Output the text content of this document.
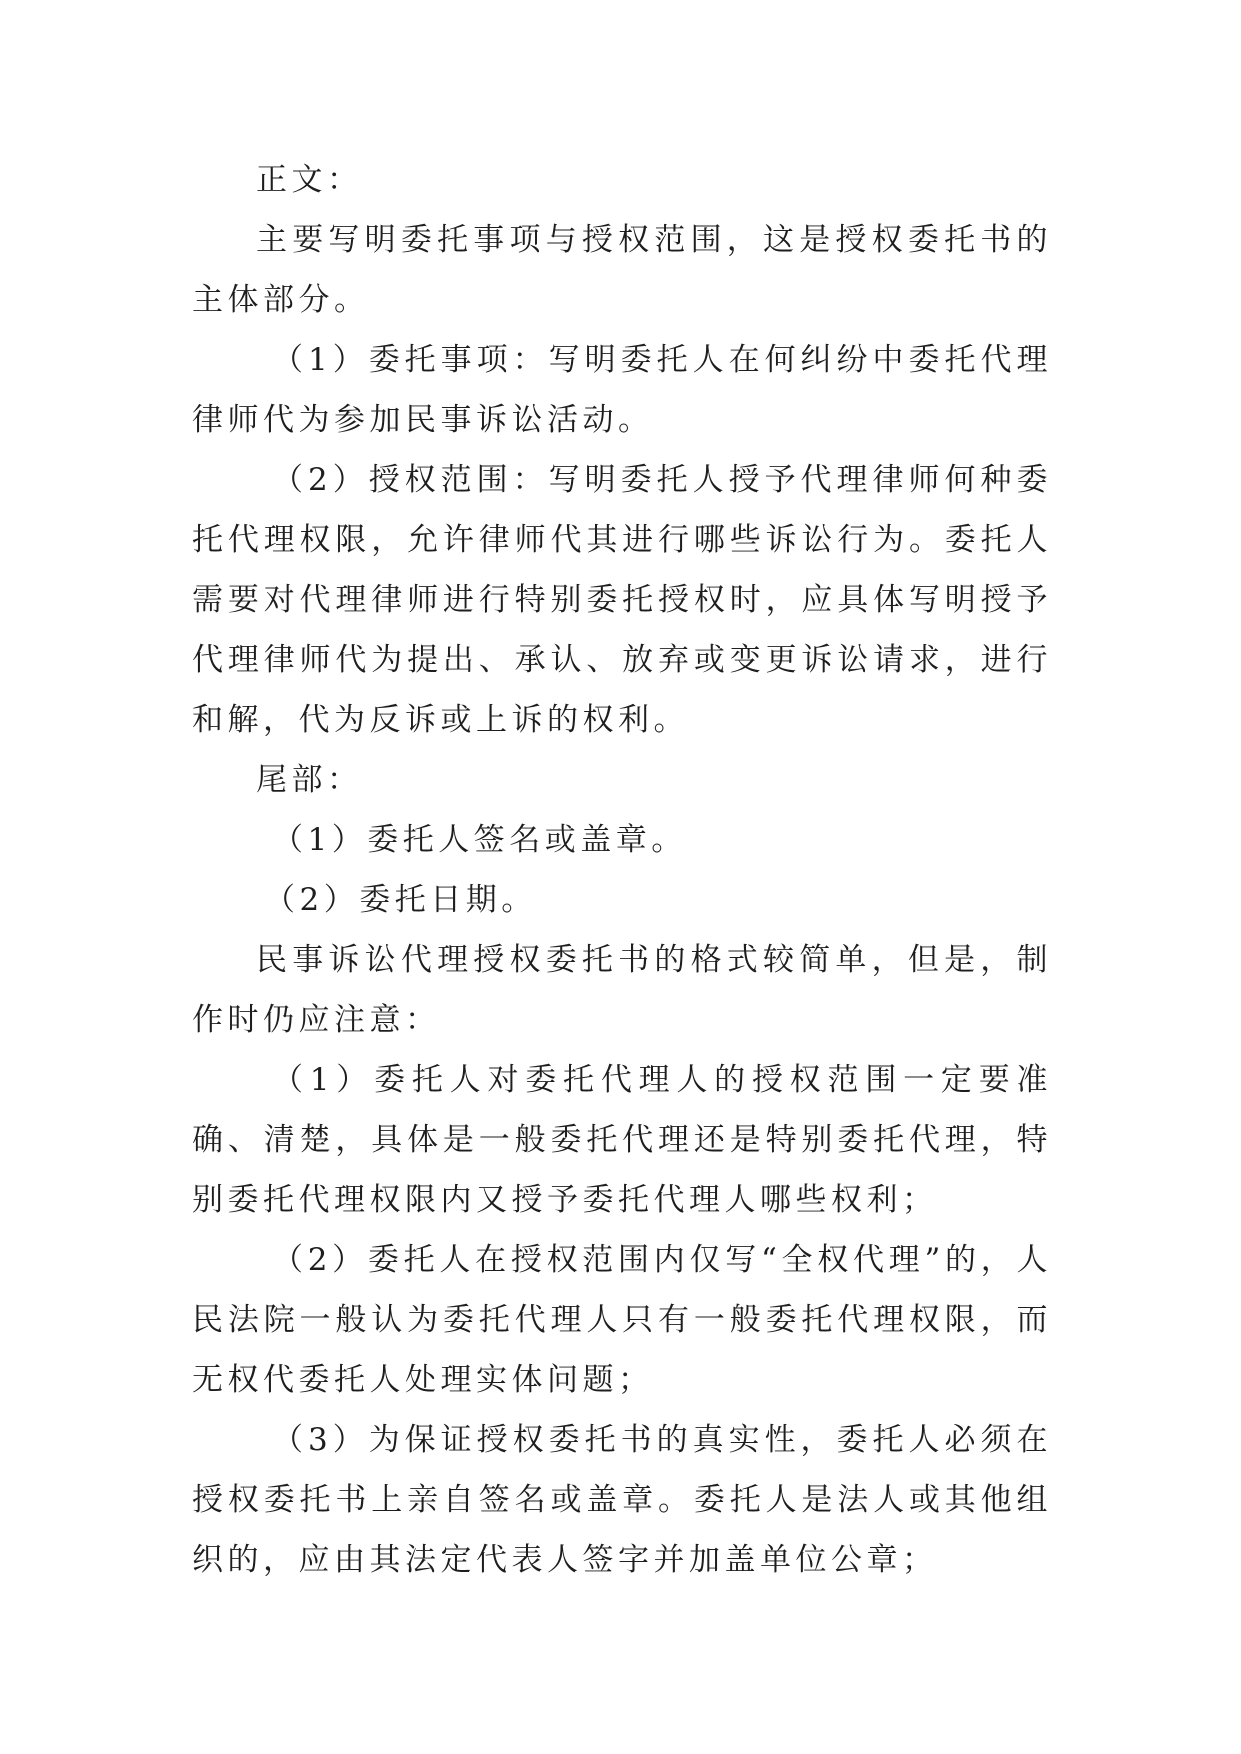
正文：

主要写明委托事项与授权范围，这是授权委托书的主体部分。

（1）委托事项：写明委托人在何纠纷中委托代理律师代为参加民事诉讼活动。

（2）授权范围：写明委托人授予代理律师何种委托代理权限，允许律师代其进行哪些诉讼行为。委托人需要对代理律师进行特别委托授权时，应具体写明授予代理律师代为提出、承认、放弃或变更诉讼请求，进行和解，代为反诉或上诉的权利。

尾部：

（1）委托人签名或盖章。

（2）委托日期。

民事诉讼代理授权委托书的格式较简单，但是，制作时仍应注意：

（1）委托人对委托代理人的授权范围一定要准确、清楚，具体是一般委托代理还是特别委托代理，特别委托代理权限内又授予委托代理人哪些权利；

（2）委托人在授权范围内仅写“全权代理”的，人民法院一般认为委托代理人只有一般委托代理权限，而无权代委托人处理实体问题；

（3）为保证授权委托书的真实性，委托人必须在授权委托书上亲自签名或盖章。委托人是法人或其他组织的，应由其法定代表人签字并加盖单位公章；
